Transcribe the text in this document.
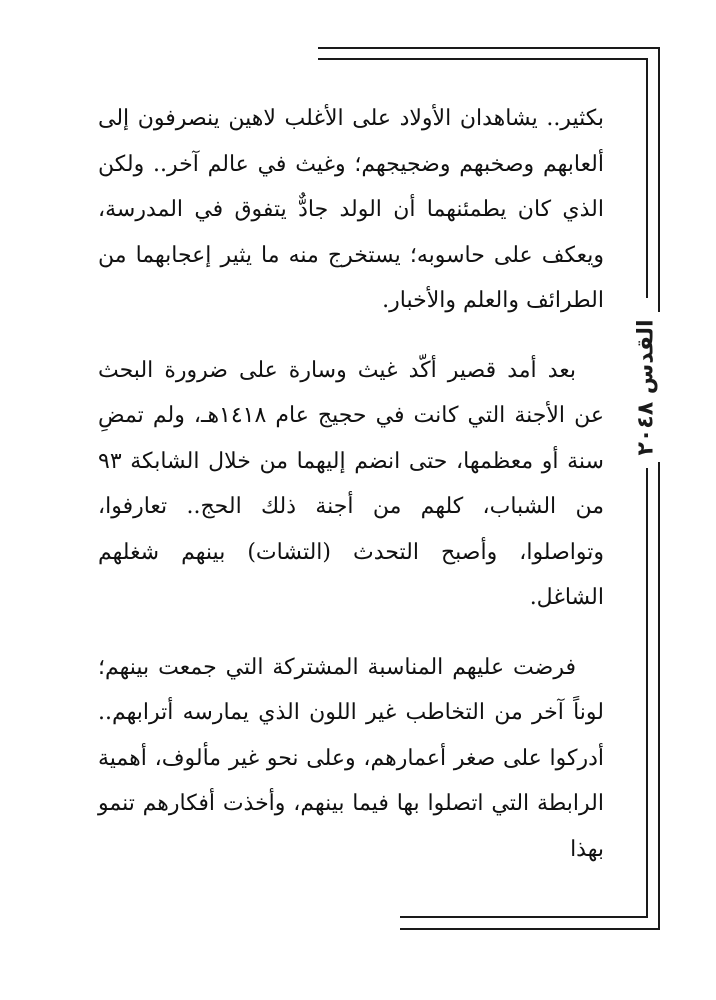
القدس ٢٠٤٨

بكثير.. يشاهدان الأولاد على الأغلب لاهين ينصرفون إلى ألعابهم وصخبهم وضجيجهم؛ وغيث في عالم آخر.. ولكن الذي كان يطمئنهما أن الولد جادٌّ يتفوق في المدرسة، ويعكف على حاسوبه؛ يستخرج منه ما يثير إعجابهما من الطرائف والعلم والأخبار.

بعد أمد قصير أكّد غيث وسارة على ضرورة البحث عن الأجنة التي كانت في حجيج عام ١٤١٨هـ، ولم تمضِ سنة أو معظمها، حتى انضم إليهما من خلال الشابكة ٩٣ من الشباب، كلهم من أجنة ذلك الحج.. تعارفوا، وتواصلوا، وأصبح التحدث (التشات) بينهم شغلهم الشاغل.

فرضت عليهم المناسبة المشتركة التي جمعت بينهم؛ لوناً آخر من التخاطب غير اللون الذي يمارسه أترابهم.. أدركوا على صغر أعمارهم، وعلى نحو غير مألوف، أهمية الرابطة التي اتصلوا بها فيما بينهم، وأخذت أفكارهم تنمو بهذا
